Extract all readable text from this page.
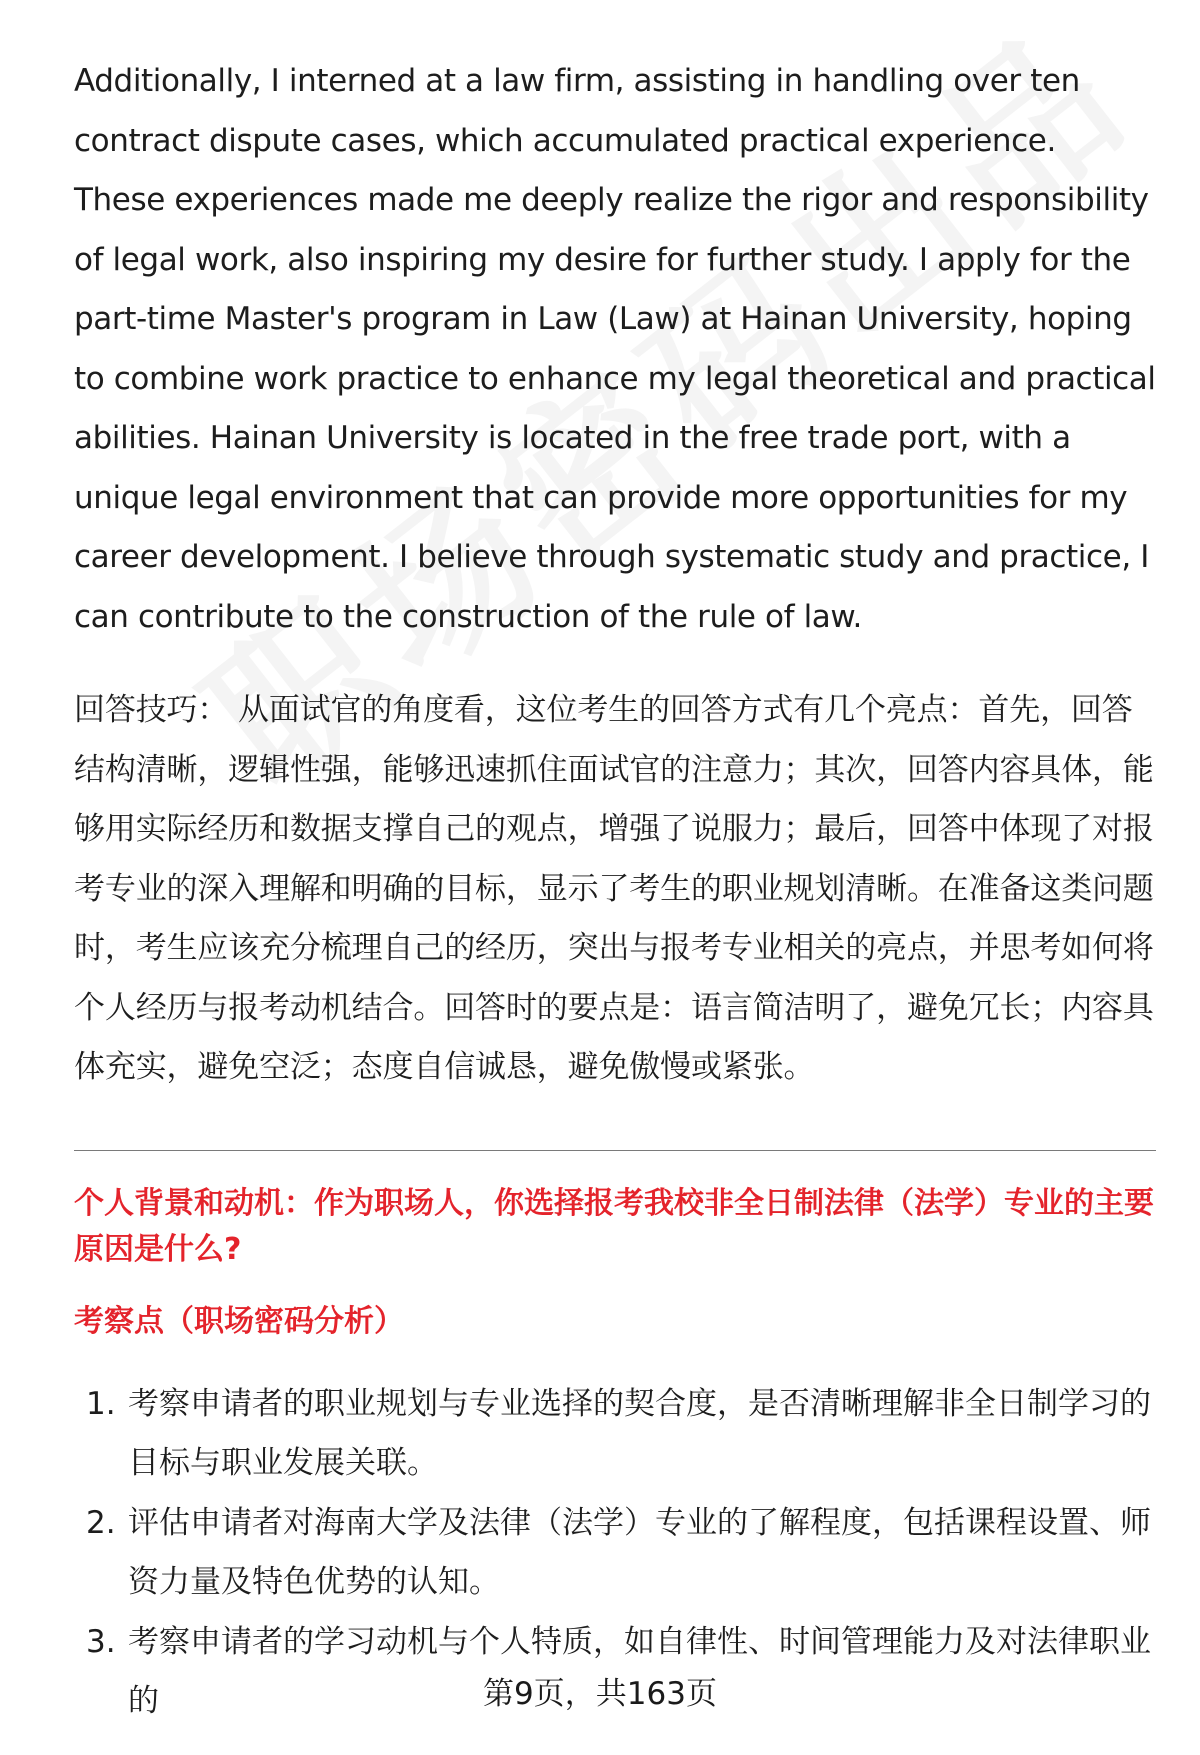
Additionally, I interned at a law firm, assisting in handling over ten contract dispute cases, which accumulated practical experience. These experiences made me deeply realize the rigor and responsibility of legal work, also inspiring my desire for further study. I apply for the part-time Master's program in Law (Law) at Hainan University, hoping to combine work practice to enhance my legal theoretical and practical abilities. Hainan University is located in the free trade port, with a unique legal environment that can provide more opportunities for my career development. I believe through systematic study and practice, I can contribute to the construction of the rule of law.

回答技巧： 从面试官的角度看，这位考生的回答方式有几个亮点：首先，回答结构清晰，逻辑性强，能够迅速抓住面试官的注意力；其次，回答内容具体，能够用实际经历和数据支撑自己的观点，增强了说服力；最后，回答中体现了对报考专业的深入理解和明确的目标，显示了考生的职业规划清晰。在准备这类问题时，考生应该充分梳理自己的经历，突出与报考专业相关的亮点，并思考如何将个人经历与报考动机结合。回答时的要点是：语言简洁明了，避免冗长；内容具体充实，避免空泛；态度自信诚恳，避免傲慢或紧张。

个人背景和动机：作为职场人，你选择报考我校非全日制法律（法学）专业的主要原因是什么?

考察点（职场密码分析）

1. 考察申请者的职业规划与专业选择的契合度，是否清晰理解非全日制学习的目标与职业发展关联。
2. 评估申请者对海南大学及法律（法学）专业的了解程度，包括课程设置、师资力量及特色优势的认知。
3. 考察申请者的学习动机与个人特质，如自律性、时间管理能力及对法律职业的	第9页，共163页
